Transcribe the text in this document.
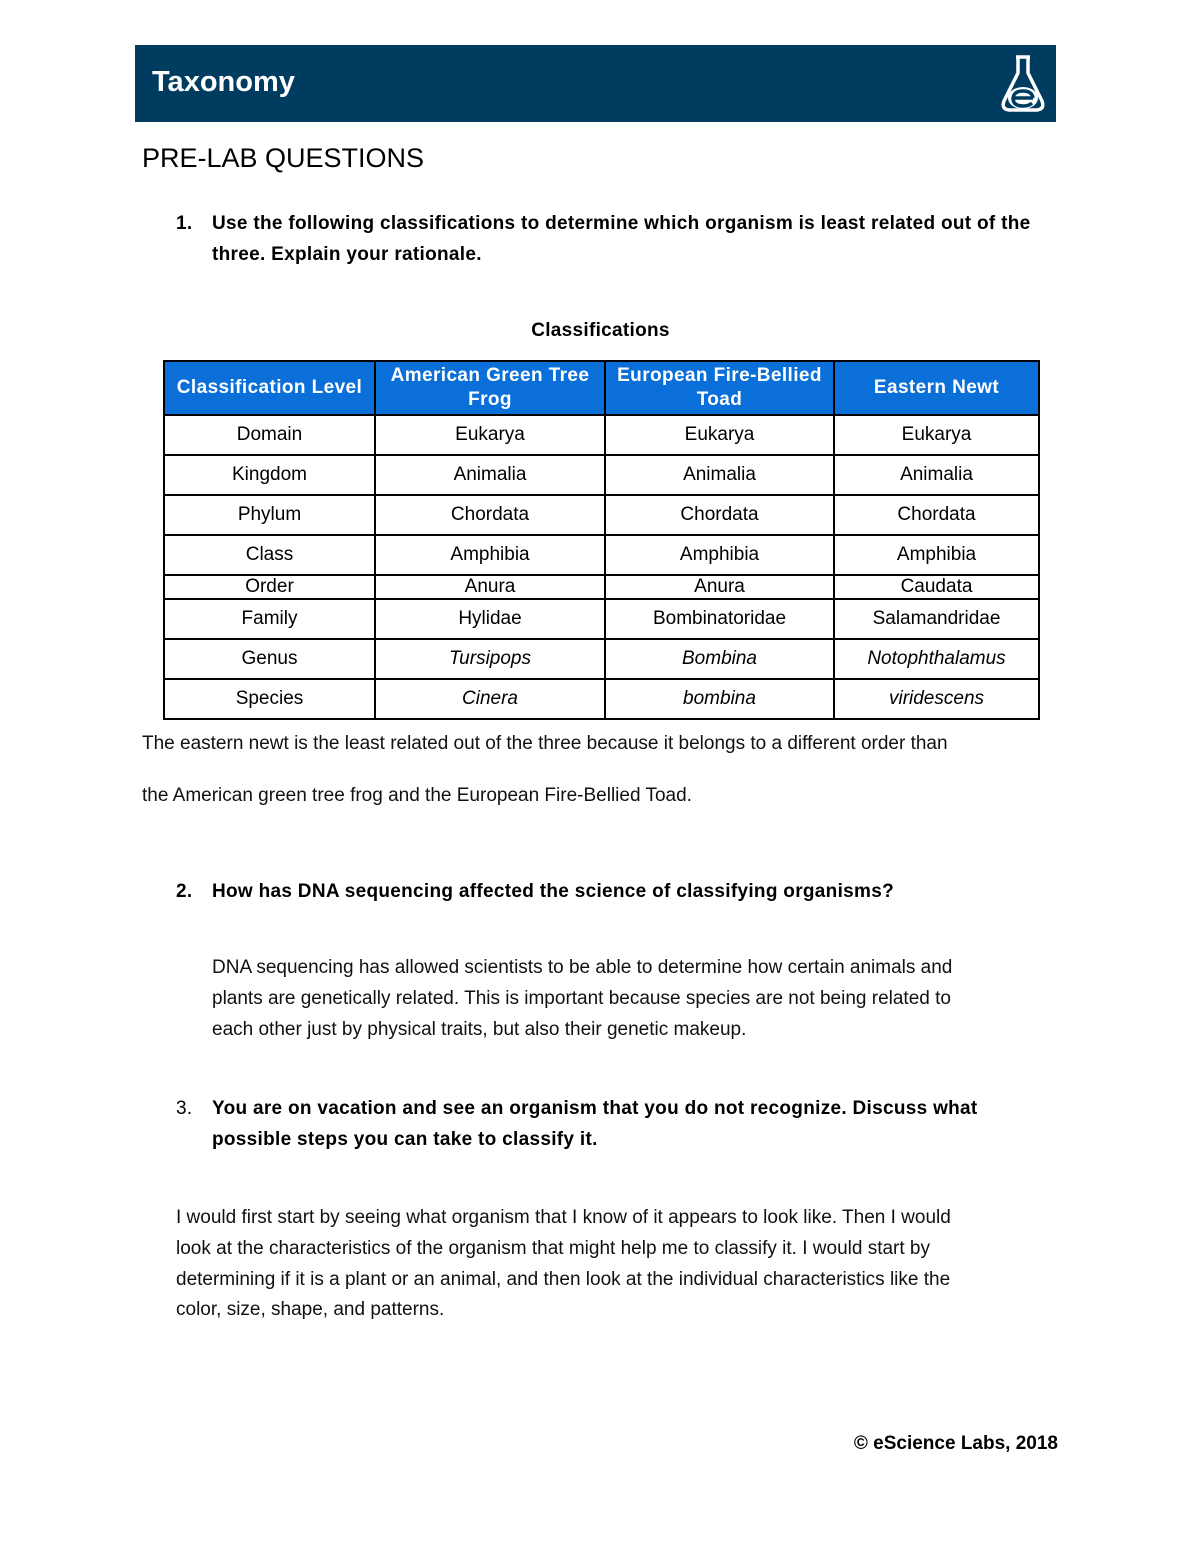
Taxonomy
PRE-LAB QUESTIONS
1. Use the following classifications to determine which organism is least related out of the three. Explain your rationale.
Classifications
Classification Level	American Green Tree Frog	European Fire-Bellied Toad	Eastern Newt
Domain	Eukarya	Eukarya	Eukarya
Kingdom	Animalia	Animalia	Animalia
Phylum	Chordata	Chordata	Chordata
Class	Amphibia	Amphibia	Amphibia
Order	Anura	Anura	Caudata
Family	Hylidae	Bombinatoridae	Salamandridae
Genus	Tursipops	Bombina	Notophthalamus
Species	Cinera	bombina	viridescens
The eastern newt is the least related out of the three because it belongs to a different order than
the American green tree frog and the European Fire-Bellied Toad.
2. How has DNA sequencing affected the science of classifying organisms?
DNA sequencing has allowed scientists to be able to determine how certain animals and
plants are genetically related. This is important because species are not being related to
each other just by physical traits, but also their genetic makeup.
3. You are on vacation and see an organism that you do not recognize. Discuss what possible steps you can take to classify it.
I would first start by seeing what organism that I know of it appears to look like. Then I would
look at the characteristics of the organism that might help me to classify it. I would start by
determining if it is a plant or an animal, and then look at the individual characteristics like the
color, size, shape, and patterns.
© eScience Labs, 2018
